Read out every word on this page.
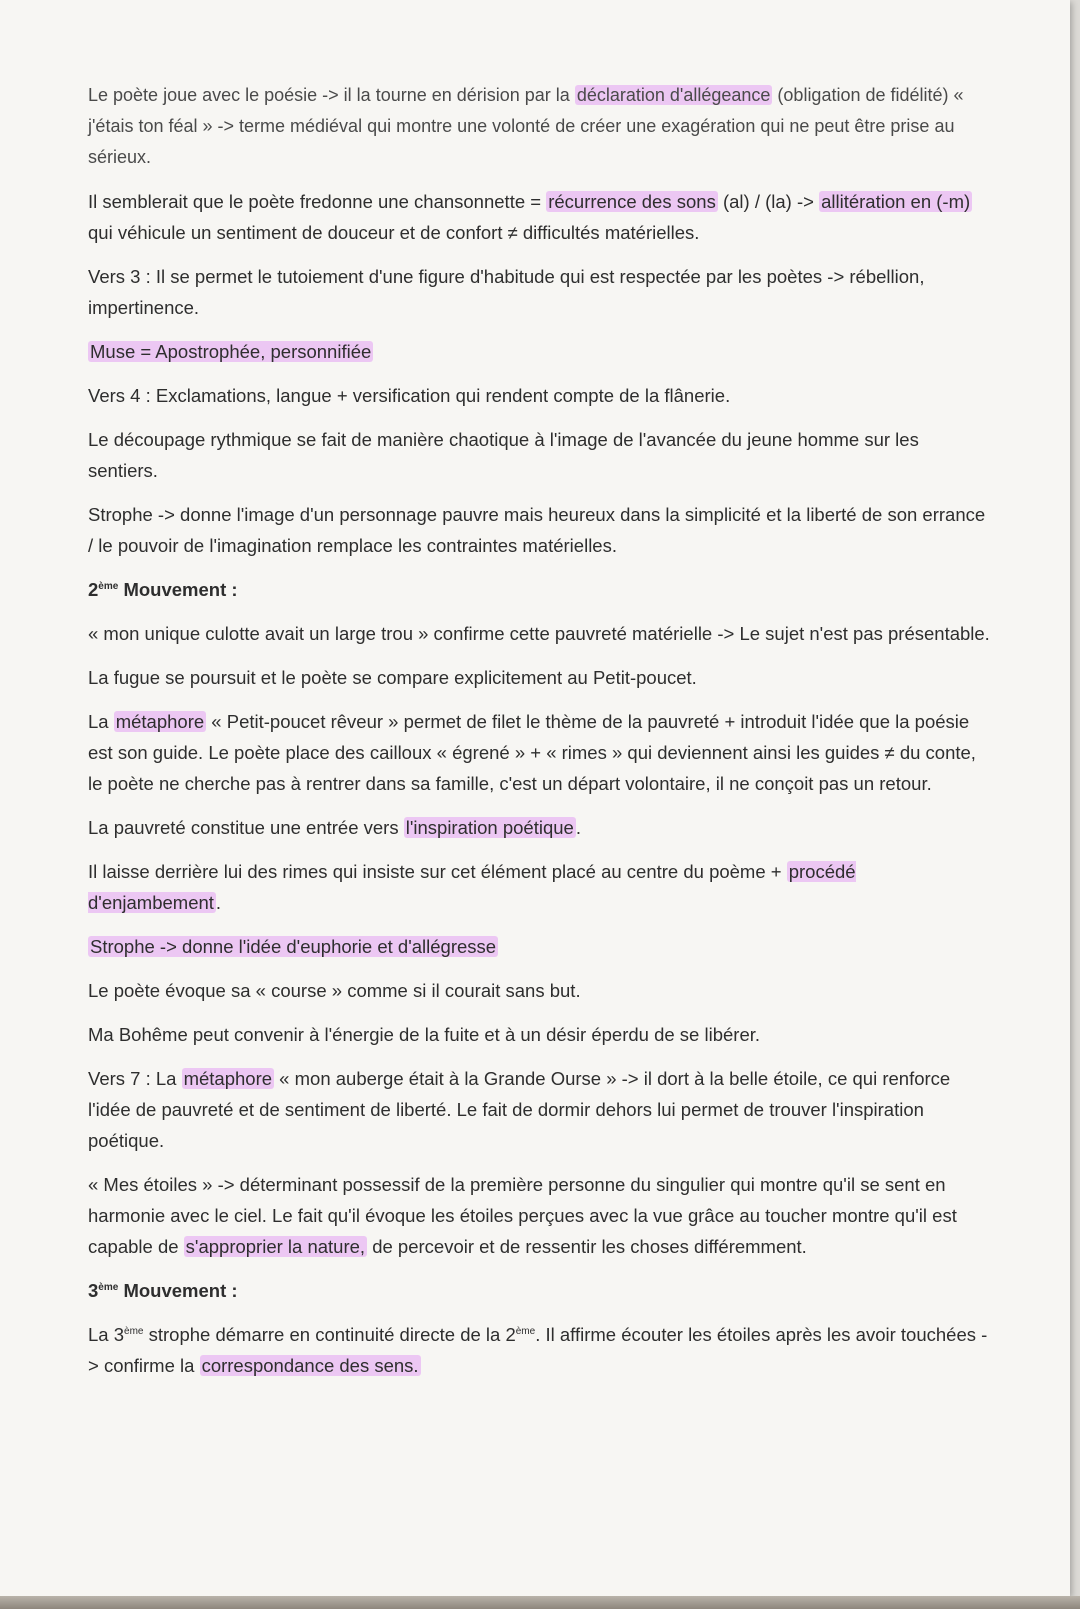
Le poète joue avec le poésie -> il la tourne en dérision par la déclaration d'allégeance (obligation de fidélité) « j'étais ton féal » -> terme médiéval qui montre une volonté de créer une exagération qui ne peut être prise au sérieux.

Il semblerait que le poète fredonne une chansonnette = récurrence des sons (al) / (la) -> allitération en (-m) qui véhicule un sentiment de douceur et de confort ≠ difficultés matérielles.

Vers 3 : Il se permet le tutoiement d'une figure d'habitude qui est respectée par les poètes -> rébellion, impertinence.

Muse = Apostrophée, personnifiée

Vers 4 : Exclamations, langue + versification qui rendent compte de la flânerie.

Le découpage rythmique se fait de manière chaotique à l'image de l'avancée du jeune homme sur les sentiers.

Strophe -> donne l'image d'un personnage pauvre mais heureux dans la simplicité et la liberté de son errance / le pouvoir de l'imagination remplace les contraintes matérielles.

2ème Mouvement :

« mon unique culotte avait un large trou » confirme cette pauvreté matérielle -> Le sujet n'est pas présentable.

La fugue se poursuit et le poète se compare explicitement au Petit-poucet.

La métaphore « Petit-poucet rêveur » permet de filet le thème de la pauvreté + introduit l'idée que la poésie est son guide. Le poète place des cailloux « égrené » + « rimes » qui deviennent ainsi les guides ≠ du conte, le poète ne cherche pas à rentrer dans sa famille, c'est un départ volontaire, il ne conçoit pas un retour.

La pauvreté constitue une entrée vers l'inspiration poétique .

Il laisse derrière lui des rimes qui insiste sur cet élément placé au centre du poème + procédé d'enjambement .

Strophe -> donne l'idée d'euphorie et d'allégresse

Le poète évoque sa « course » comme si il courait sans but.

Ma Bohême peut convenir à l'énergie de la fuite et à un désir éperdu de se libérer.

Vers 7 : La métaphore « mon auberge était à la Grande Ourse » -> il dort à la belle étoile, ce qui renforce l'idée de pauvreté et de sentiment de liberté. Le fait de dormir dehors lui permet de trouver l'inspiration poétique.

« Mes étoiles » -> déterminant possessif de la première personne du singulier qui montre qu'il se sent en harmonie avec le ciel. Le fait qu'il évoque les étoiles perçues avec la vue grâce au toucher montre qu'il est capable de s'approprier la nature, de percevoir et de ressentir les choses différemment.

3ème Mouvement :

La 3ème strophe démarre en continuité directe de la 2ème. Il affirme écouter les étoiles après les avoir touchées -> confirme la correspondance des sens.
